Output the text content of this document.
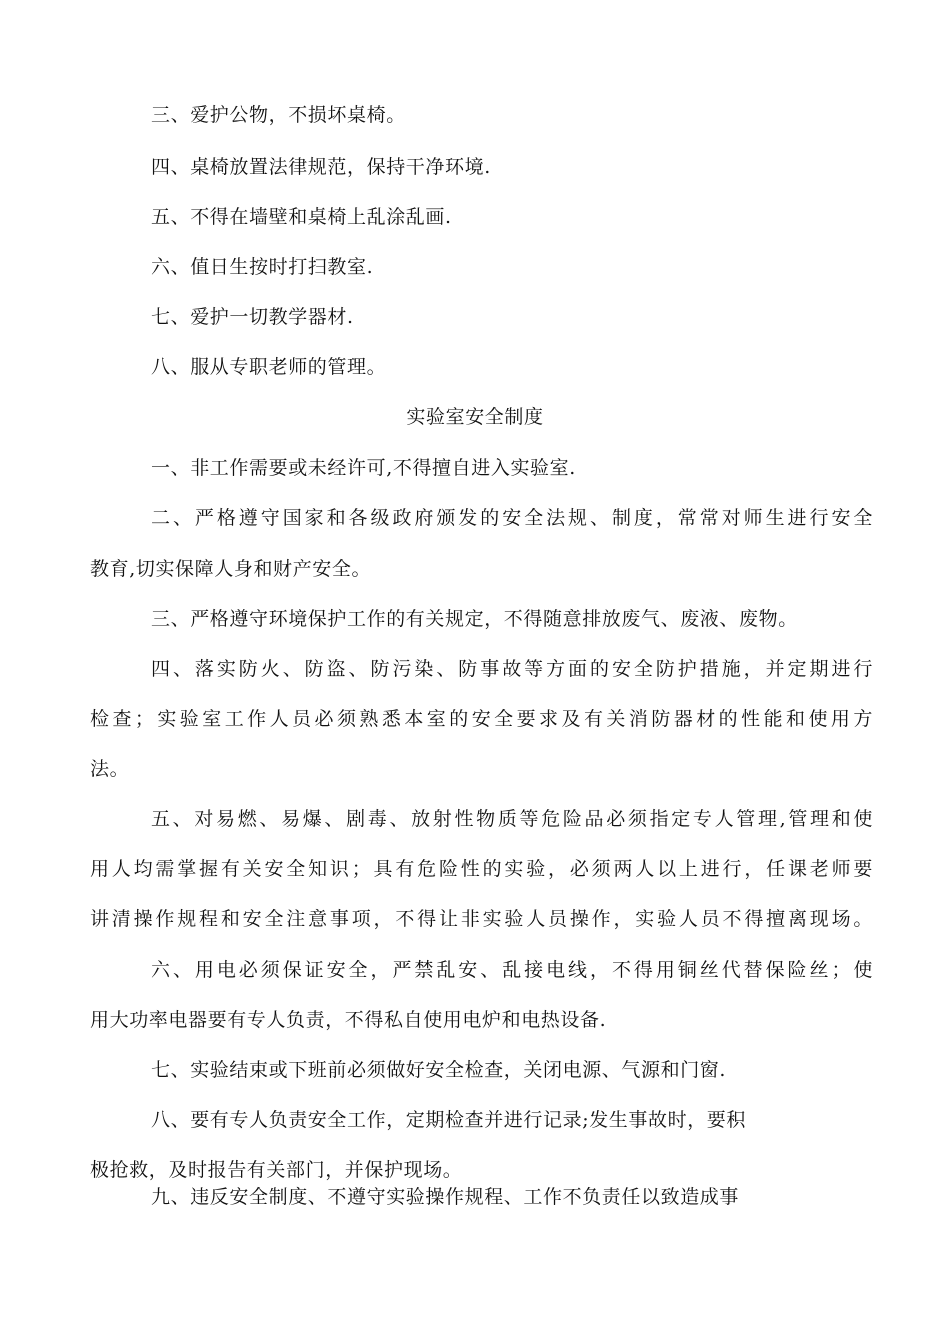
三、爱护公物，不损坏桌椅。
四、桌椅放置法律规范，保持干净环境.
五、不得在墙壁和桌椅上乱涂乱画.
六、值日生按时打扫教室.
七、爱护一切教学器材.
八、服从专职老师的管理。
实验室安全制度
一、非工作需要或未经许可,不得擅自进入实验室.
二、严格遵守国家和各级政府颁发的安全法规、制度，常常对师生进行安全
教育,切实保障人身和财产安全。
三、严格遵守环境保护工作的有关规定，不得随意排放废气、废液、废物。
四、落实防火、防盗、防污染、防事故等方面的安全防护措施，并定期进行
检查；实验室工作人员必须熟悉本室的安全要求及有关消防器材的性能和使用方
法。
五、对易燃、易爆、剧毒、放射性物质等危险品必须指定专人管理,管理和使
用人均需掌握有关安全知识；具有危险性的实验，必须两人以上进行，任课老师要
讲清操作规程和安全注意事项，不得让非实验人员操作，实验人员不得擅离现场。
六、用电必须保证安全，严禁乱安、乱接电线，不得用铜丝代替保险丝；使
用大功率电器要有专人负责，不得私自使用电炉和电热设备.
七、实验结束或下班前必须做好安全检查，关闭电源、气源和门窗.
八、要有专人负责安全工作，定期检查并进行记录;发生事故时，要积
极抢救，及时报告有关部门，并保护现场。
九、违反安全制度、不遵守实验操作规程、工作不负责任以致造成事
